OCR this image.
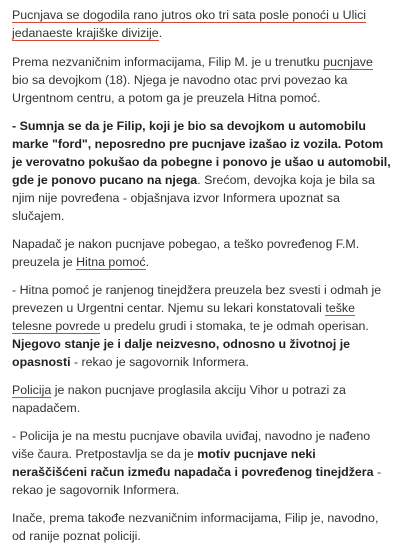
Pucnjava se dogodila rano jutros oko tri sata posle ponoći u Ulici jedanaeste krajiške divizije.

Prema nezvaničnim informacijama, Filip M. je u trenutku pucnjave bio sa devojkom (18). Njega je navodno otac prvi povezao ka Urgentnom centru, a potom ga je preuzela Hitna pomoć.

- Sumnja se da je Filip, koji je bio sa devojkom u automobilu marke "ford", neposredno pre pucnjave izašao iz vozila. Potom je verovatno pokušao da pobegne i ponovo je ušao u automobil, gde je ponovo pucano na njega. Srećom, devojka koja je bila sa njim nije povređena - objašnjava izvor Informera upoznat sa slučajem.

Napadač je nakon pucnjave pobegao, a teško povređenog F.M. preuzela je Hitna pomoć.

- Hitna pomoć je ranjenog tinejdžera preuzela bez svesti i odmah je prevezen u Urgentni centar. Njemu su lekari konstatovali teške telesne povrede u predelu grudi i stomaka, te je odmah operisan. Njegovo stanje je i dalje neizvesno, odnosno u životnoj je opasnosti - rekao je sagovornik Informera.

Policija je nakon pucnjave proglasila akciju Vihor u potrazi za napadačem.

- Policija je na mestu pucnjave obavila uviđaj, navodno je nađeno više čaura. Pretpostavlja se da je motiv pucnjave neki neraščišćeni račun između napadača i povređenog tinejdžera - rekao je sagovornik Informera.

Inače, prema takođe nezvaničnim informacijama, Filip je, navodno, od ranije poznat policiji.
